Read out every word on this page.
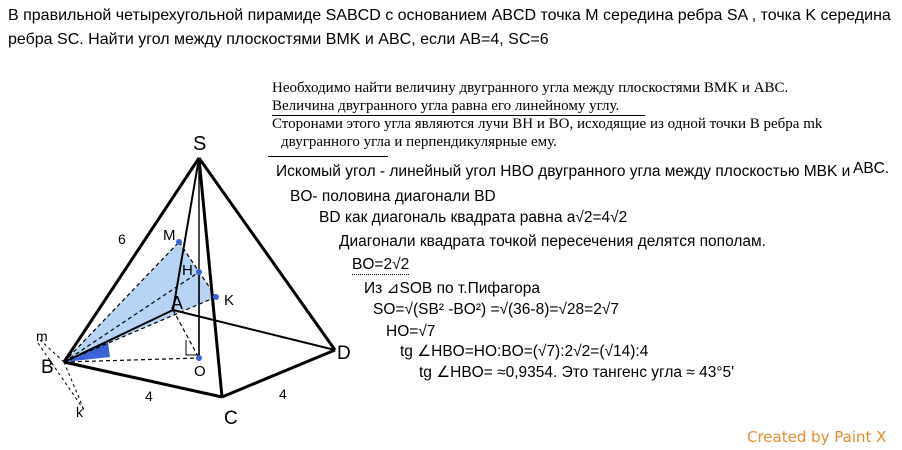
В правильной четырехугольной пирамиде SABCD с основанием ABCD точка M середина ребра SA , точка K середина
ребра SC. Найти угол между плоскостями BMK и ABC, если AB=4, SC=6
Необходимо найти величину двугранного угла между плоскостями BMK и ABC.
Величина двугранного угла равна его линейному углу.
Сторонами этого угла являются лучи BH и BO, исходящие из одной точки B ребра mk
двугранного угла и перпендикулярные ему.
Искомый угол - линейный угол HBO двугранного угла между плоскостью MBK и ABC.
BO- половина диагонали BD
BD как диагональ квадрата равна а√2=4√2
Диагонали квадрата точкой пересечения делятся пополам.
BO=2√2
Из ⊿SOB по т.Пифагора
SO=√(SB² -BO²) =√(36-8)=√28=2√7
HO=√7
tg ∠HBO=HO:BO=(√7):2√2=(√14):4
tg ∠HBO= ≈0,9354. Это тангенс угла ≈ 43°5'
S
M
H
A	K
B	O
D
C
m
k
6
4	4
Created by Paint X
